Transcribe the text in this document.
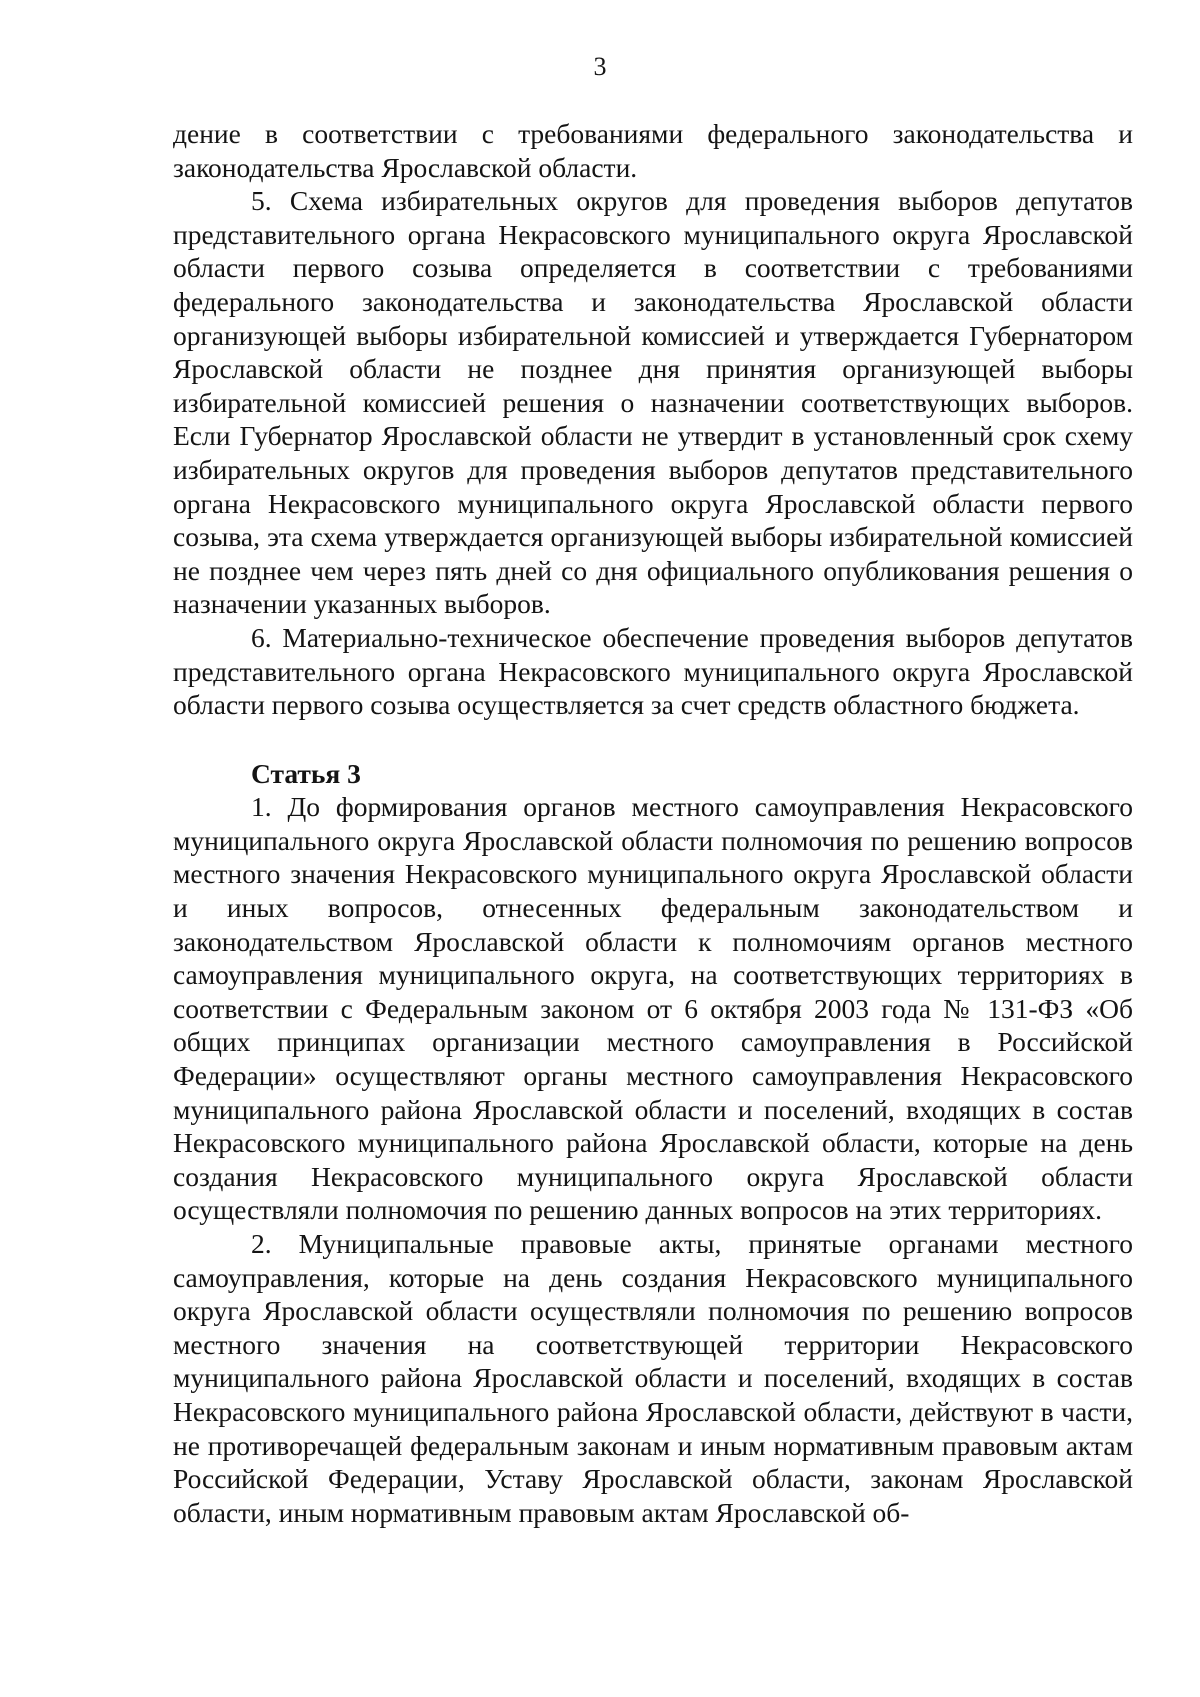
3

дение в соответствии с требованиями федерального законодательства и законодательства Ярославской области.

5. Схема избирательных округов для проведения выборов депутатов представительного органа Некрасовского муниципального округа Ярославской области первого созыва определяется в соответствии с требованиями федерального законодательства и законодательства Ярославской области организующей выборы избирательной комиссией и утверждается Губернатором Ярославской области не позднее дня принятия организующей выборы избирательной комиссией решения о назначении соответствующих выборов. Если Губернатор Ярославской области не утвердит в установленный срок схему избирательных округов для проведения выборов депутатов представительного органа Некрасовского муниципального округа Ярославской области первого созыва, эта схема утверждается организующей выборы избирательной комиссией не позднее чем через пять дней со дня официального опубликования решения о назначении указанных выборов.

6. Материально-техническое обеспечение проведения выборов депутатов представительного органа Некрасовского муниципального округа Ярославской области первого созыва осуществляется за счет средств областного бюджета.

Статья 3

1. До формирования органов местного самоуправления Некрасовского муниципального округа Ярославской области полномочия по решению вопросов местного значения Некрасовского муниципального округа Ярославской области и иных вопросов, отнесенных федеральным законодательством и законодательством Ярославской области к полномочиям органов местного самоуправления муниципального округа, на соответствующих территориях в соответствии с Федеральным законом от 6 октября 2003 года № 131-ФЗ «Об общих принципах организации местного самоуправления в Российской Федерации» осуществляют органы местного самоуправления Некрасовского муниципального района Ярославской области и поселений, входящих в состав Некрасовского муниципального района Ярославской области, которые на день создания Некрасовского муниципального округа Ярославской области осуществляли полномочия по решению данных вопросов на этих территориях.

2. Муниципальные правовые акты, принятые органами местного самоуправления, которые на день создания Некрасовского муниципального округа Ярославской области осуществляли полномочия по решению вопросов местного значения на соответствующей территории Некрасовского муниципального района Ярославской области и поселений, входящих в состав Некрасовского муниципального района Ярославской области, действуют в части, не противоречащей федеральным законам и иным нормативным правовым актам Российской Федерации, Уставу Ярославской области, законам Ярославской области, иным нормативным правовым актам Ярославской об-
